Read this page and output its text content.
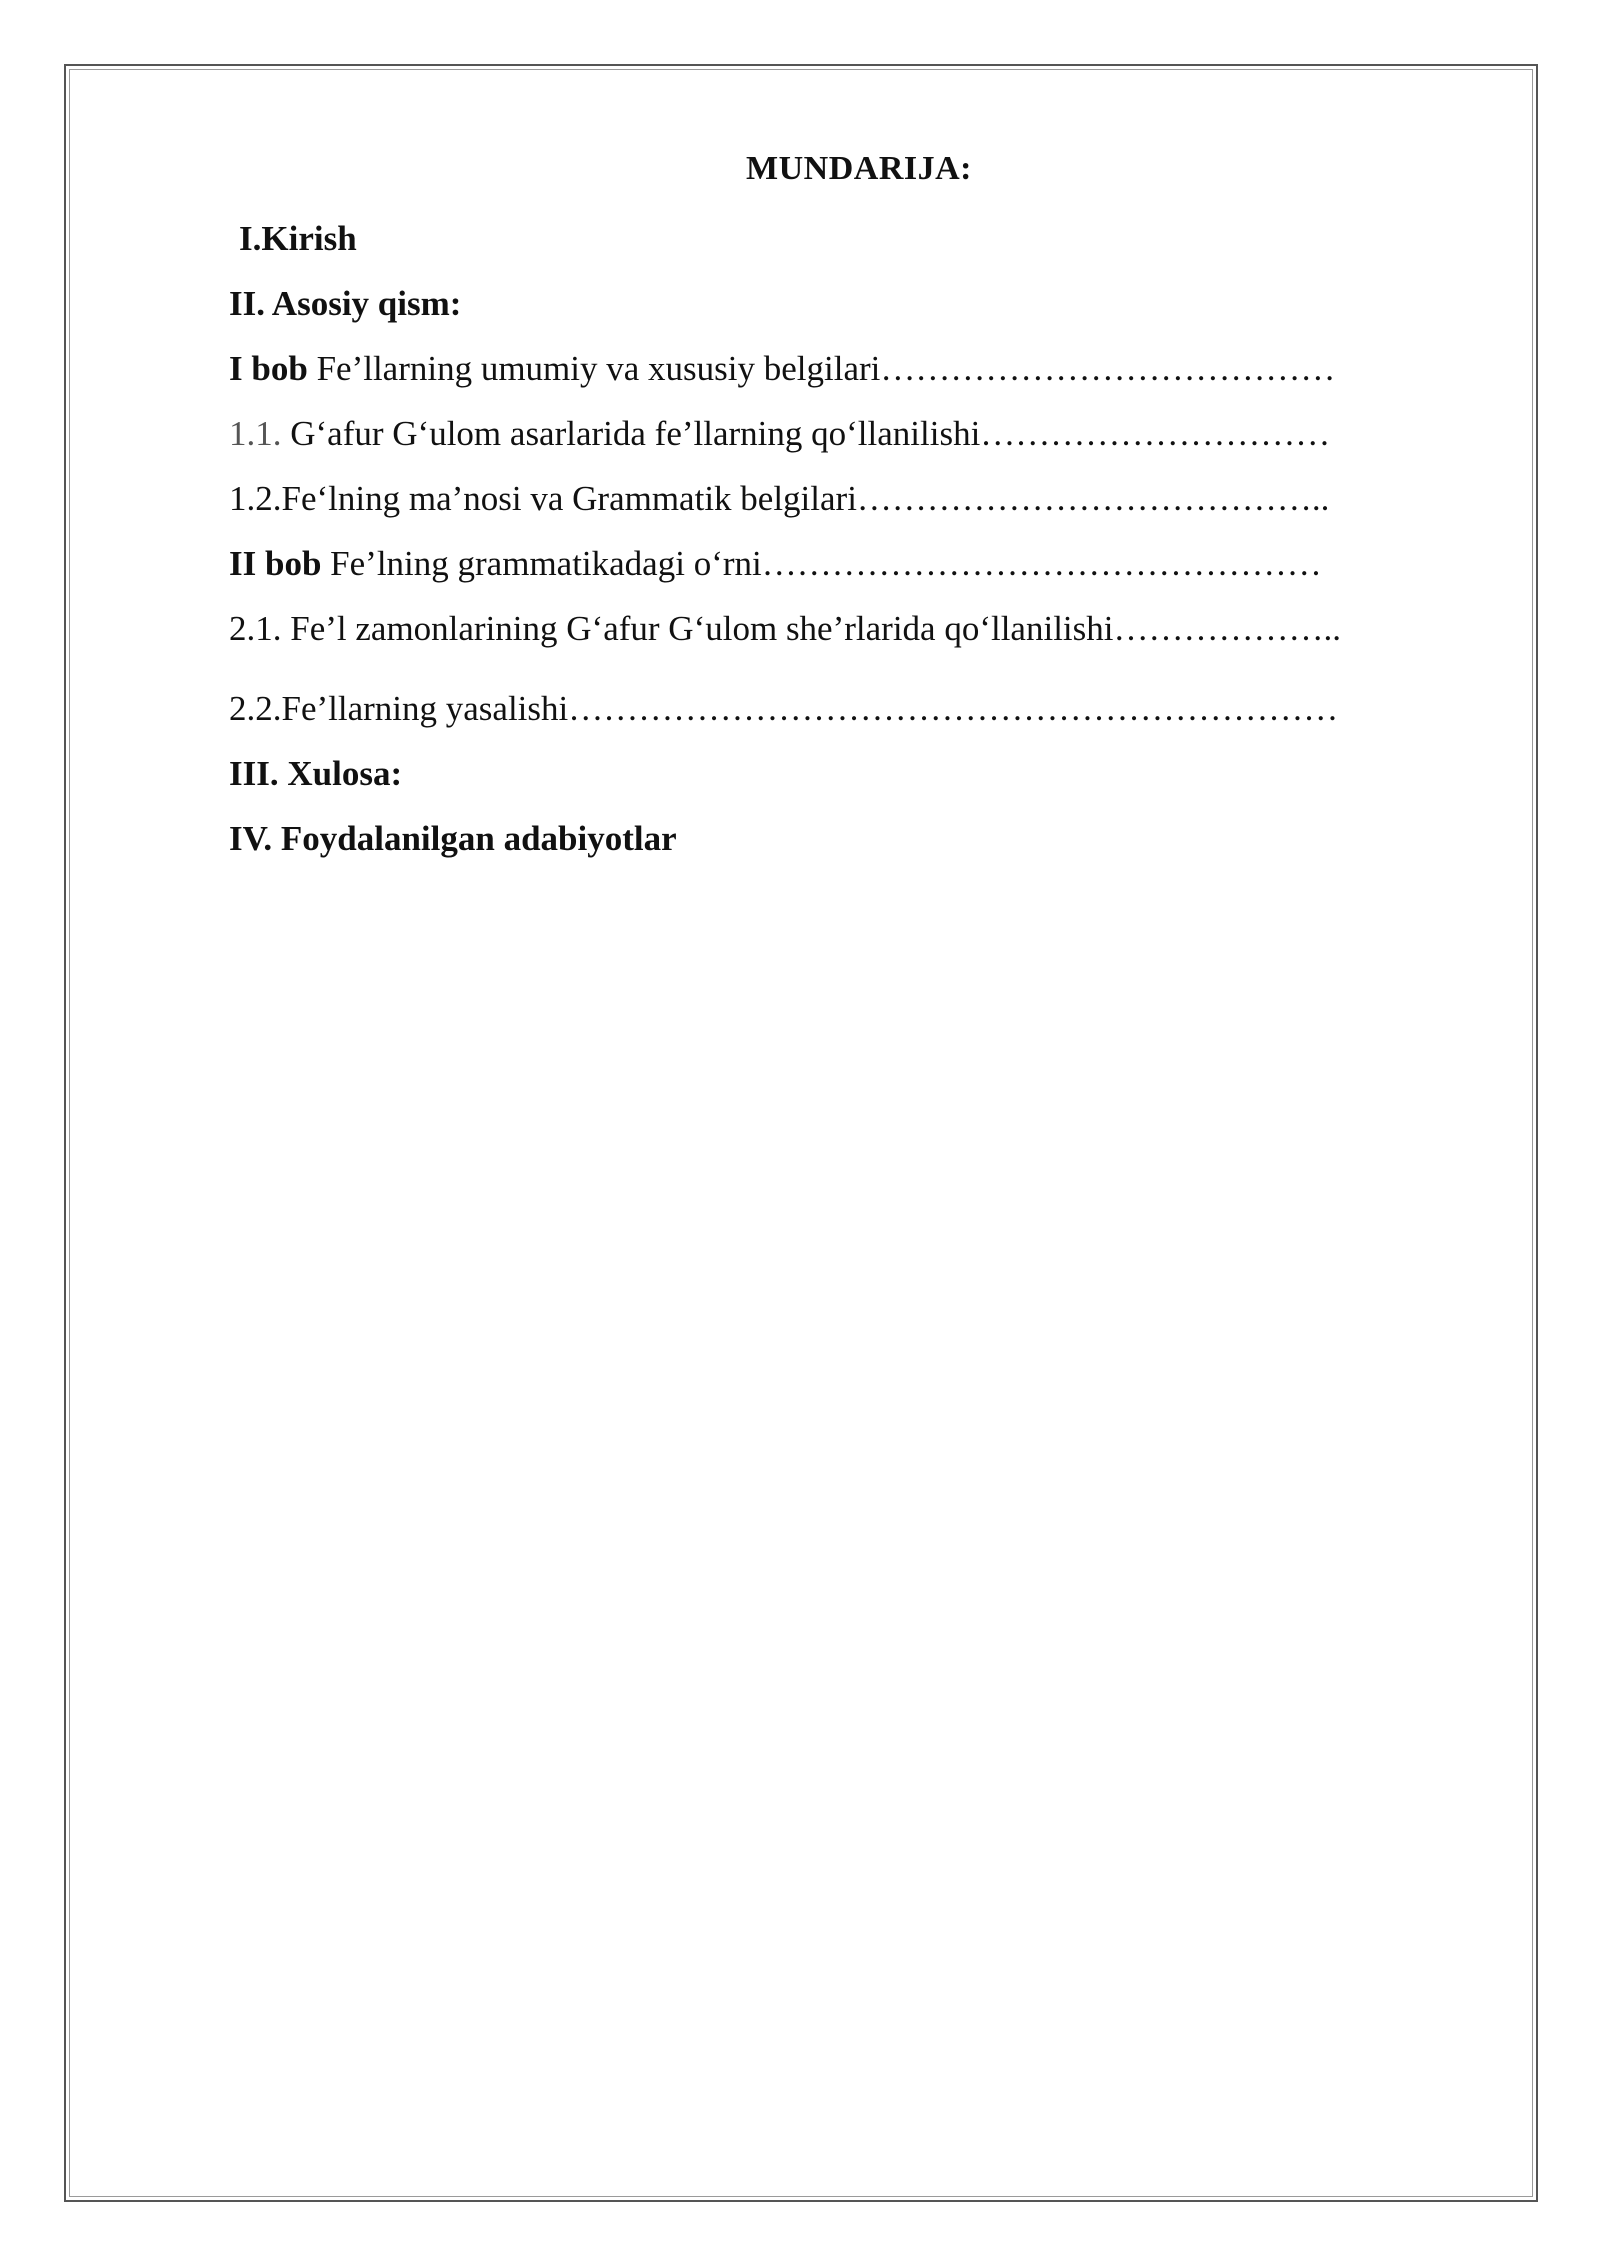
MUNDARIJA:
I.Kirish
II. Asosiy qism:
I bob Fe’llarning umumiy va xususiy belgilari…………………………………
1.1. G‘afur G‘ulom asarlarida fe’llarning qo‘llanilishi…………………………
1.2.Fe‘lning ma’nosi va Grammatik belgilari…………………………………..
II bob Fe’lning grammatikadagi o‘rni…………………………………………
2.1. Fe’l zamonlarining G‘afur G‘ulom she’rlarida qo‘llanilishi………………..
2.2.Fe’llarning yasalishi…………………………………………………………
III. Xulosa:
IV. Foydalanilgan adabiyotlar
